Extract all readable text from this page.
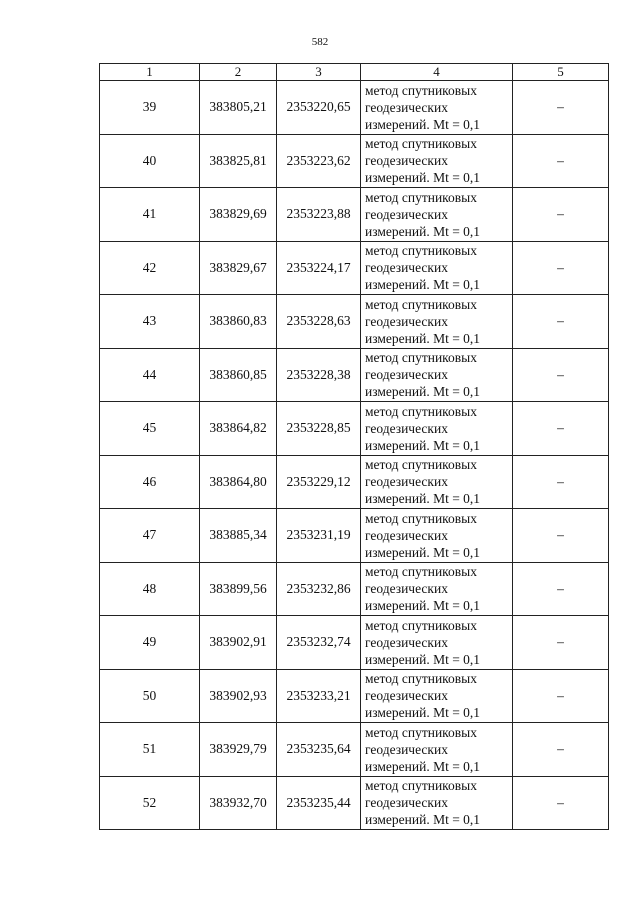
582
1	2	3	4	5
39	383805,21	2353220,65	метод спутниковых
геодезических
измерений. Mt = 0,1	–
40	383825,81	2353223,62	метод спутниковых
геодезических
измерений. Mt = 0,1	–
41	383829,69	2353223,88	метод спутниковых
геодезических
измерений. Mt = 0,1	–
42	383829,67	2353224,17	метод спутниковых
геодезических
измерений. Mt = 0,1	–
43	383860,83	2353228,63	метод спутниковых
геодезических
измерений. Mt = 0,1	–
44	383860,85	2353228,38	метод спутниковых
геодезических
измерений. Mt = 0,1	–
45	383864,82	2353228,85	метод спутниковых
геодезических
измерений. Mt = 0,1	–
46	383864,80	2353229,12	метод спутниковых
геодезических
измерений. Mt = 0,1	–
47	383885,34	2353231,19	метод спутниковых
геодезических
измерений. Mt = 0,1	–
48	383899,56	2353232,86	метод спутниковых
геодезических
измерений. Mt = 0,1	–
49	383902,91	2353232,74	метод спутниковых
геодезических
измерений. Mt = 0,1	–
50	383902,93	2353233,21	метод спутниковых
геодезических
измерений. Mt = 0,1	–
51	383929,79	2353235,64	метод спутниковых
геодезических
измерений. Mt = 0,1	–
52	383932,70	2353235,44	метод спутниковых
геодезических
измерений. Mt = 0,1	–
